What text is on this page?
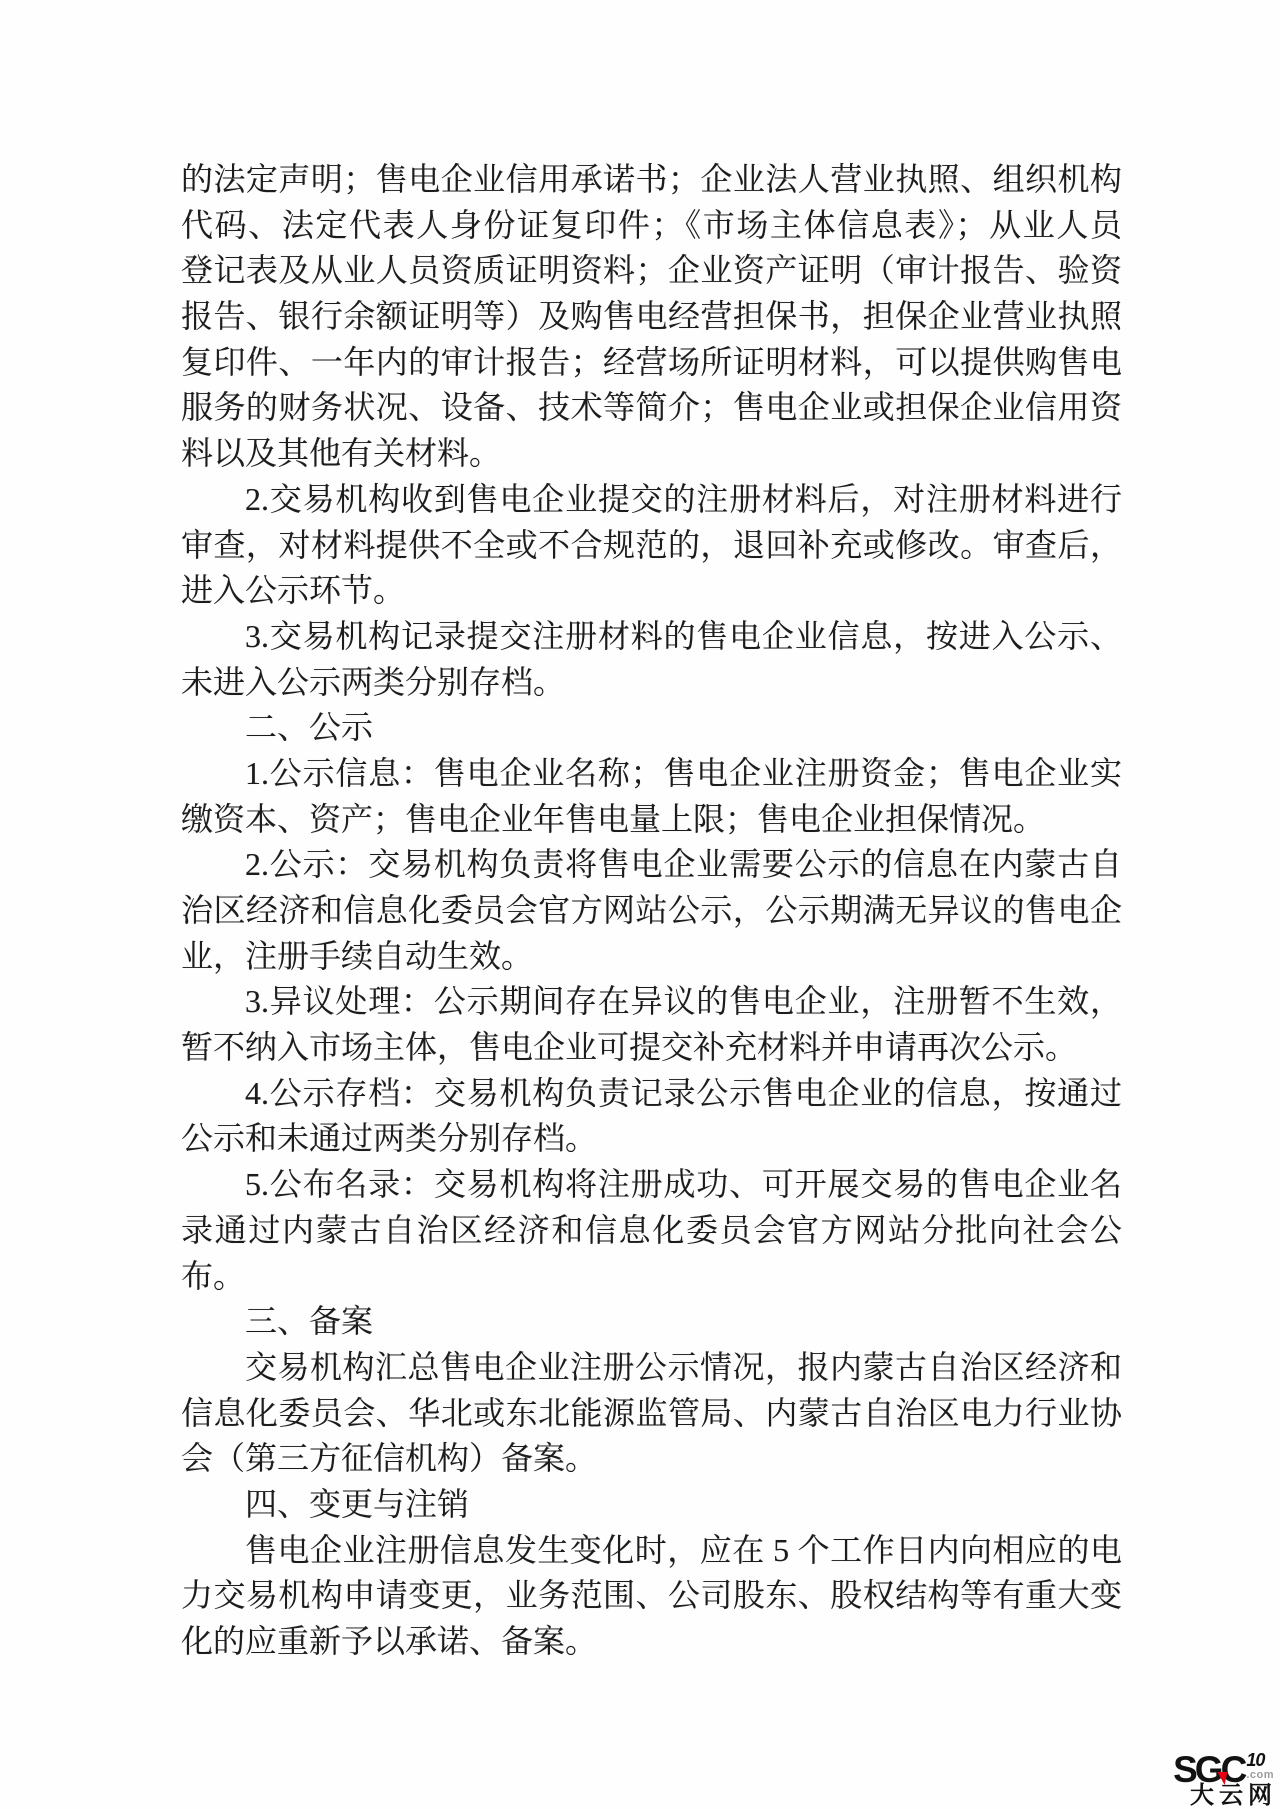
的法定声明；售电企业信用承诺书；企业法人营业执照、组织机构
代码、法定代表人身份证复印件；《市场主体信息表》；从业人员
登记表及从业人员资质证明资料；企业资产证明（审计报告、验资
报告、银行余额证明等）及购售电经营担保书，担保企业营业执照
复印件、一年内的审计报告；经营场所证明材料，可以提供购售电
服务的财务状况、设备、技术等简介；售电企业或担保企业信用资
料以及其他有关材料。
2.交易机构收到售电企业提交的注册材料后，对注册材料进行
审查，对材料提供不全或不合规范的，退回补充或修改。审查后，
进入公示环节。
3.交易机构记录提交注册材料的售电企业信息，按进入公示、
未进入公示两类分别存档。
二、公示
1.公示信息：售电企业名称；售电企业注册资金；售电企业实
缴资本、资产；售电企业年售电量上限；售电企业担保情况。
2.公示：交易机构负责将售电企业需要公示的信息在内蒙古自
治区经济和信息化委员会官方网站公示，公示期满无异议的售电企
业，注册手续自动生效。
3.异议处理：公示期间存在异议的售电企业，注册暂不生效，
暂不纳入市场主体，售电企业可提交补充材料并申请再次公示。
4.公示存档：交易机构负责记录公示售电企业的信息，按通过
公示和未通过两类分别存档。
5.公布名录：交易机构将注册成功、可开展交易的售电企业名
录通过内蒙古自治区经济和信息化委员会官方网站分批向社会公
布。
三、备案
交易机构汇总售电企业注册公示情况，报内蒙古自治区经济和
信息化委员会、华北或东北能源监管局、内蒙古自治区电力行业协
会（第三方征信机构）备案。
四、变更与注销
售电企业注册信息发生变化时，应在 5 个工作日内向相应的电
力交易机构申请变更，业务范围、公司股东、股权结构等有重大变
化的应重新予以承诺、备案。
SGC 10
.com
大云网
